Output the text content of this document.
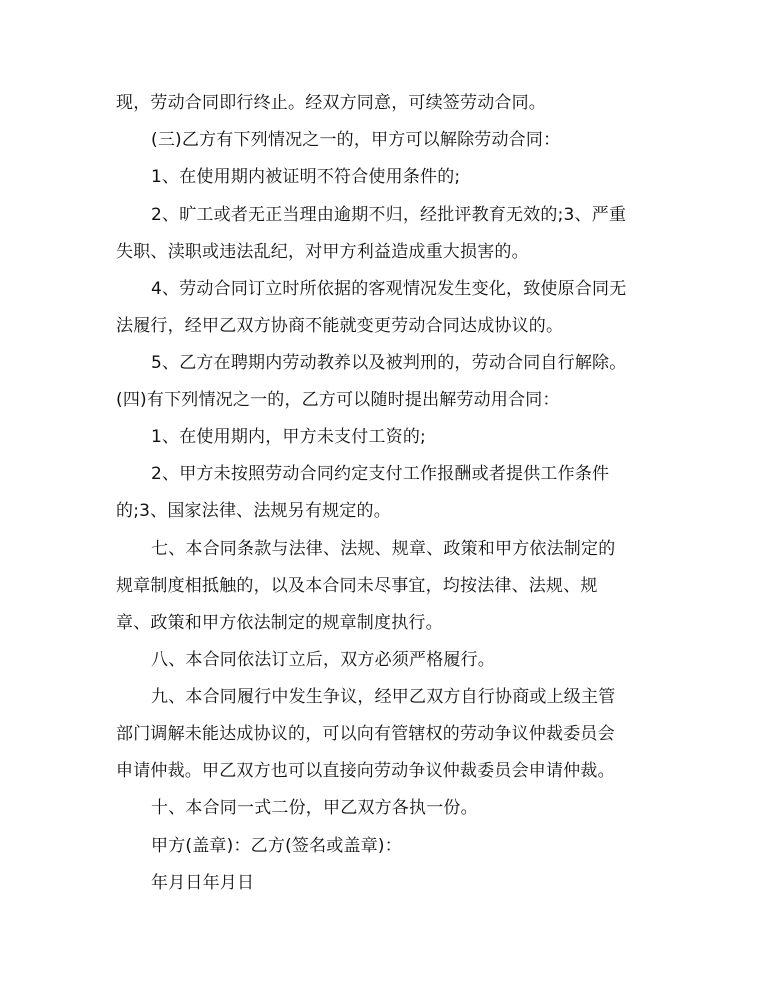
现，劳动合同即行终止。经双方同意，可续签劳动合同。
(三)乙方有下列情况之一的，甲方可以解除劳动合同：
1、在使用期内被证明不符合使用条件的;
2、旷工或者无正当理由逾期不归，经批评教育无效的;3、严重
失职、渎职或违法乱纪，对甲方利益造成重大损害的。
4、劳动合同订立时所依据的客观情况发生变化，致使原合同无
法履行，经甲乙双方协商不能就变更劳动合同达成协议的。
5、乙方在聘期内劳动教养以及被判刑的，劳动合同自行解除。
(四)有下列情况之一的，乙方可以随时提出解劳动用合同：
1、在使用期内，甲方未支付工资的;
2、甲方未按照劳动合同约定支付工作报酬或者提供工作条件
的;3、国家法律、法规另有规定的。
七、本合同条款与法律、法规、规章、政策和甲方依法制定的
规章制度相抵触的，以及本合同未尽事宜，均按法律、法规、规
章、政策和甲方依法制定的规章制度执行。
八、本合同依法订立后，双方必须严格履行。
九、本合同履行中发生争议，经甲乙双方自行协商或上级主管
部门调解未能达成协议的，可以向有管辖权的劳动争议仲裁委员会
申请仲裁。甲乙双方也可以直接向劳动争议仲裁委员会申请仲裁。
十、本合同一式二份，甲乙双方各执一份。
甲方(盖章)：乙方(签名或盖章)：
年月日年月日
